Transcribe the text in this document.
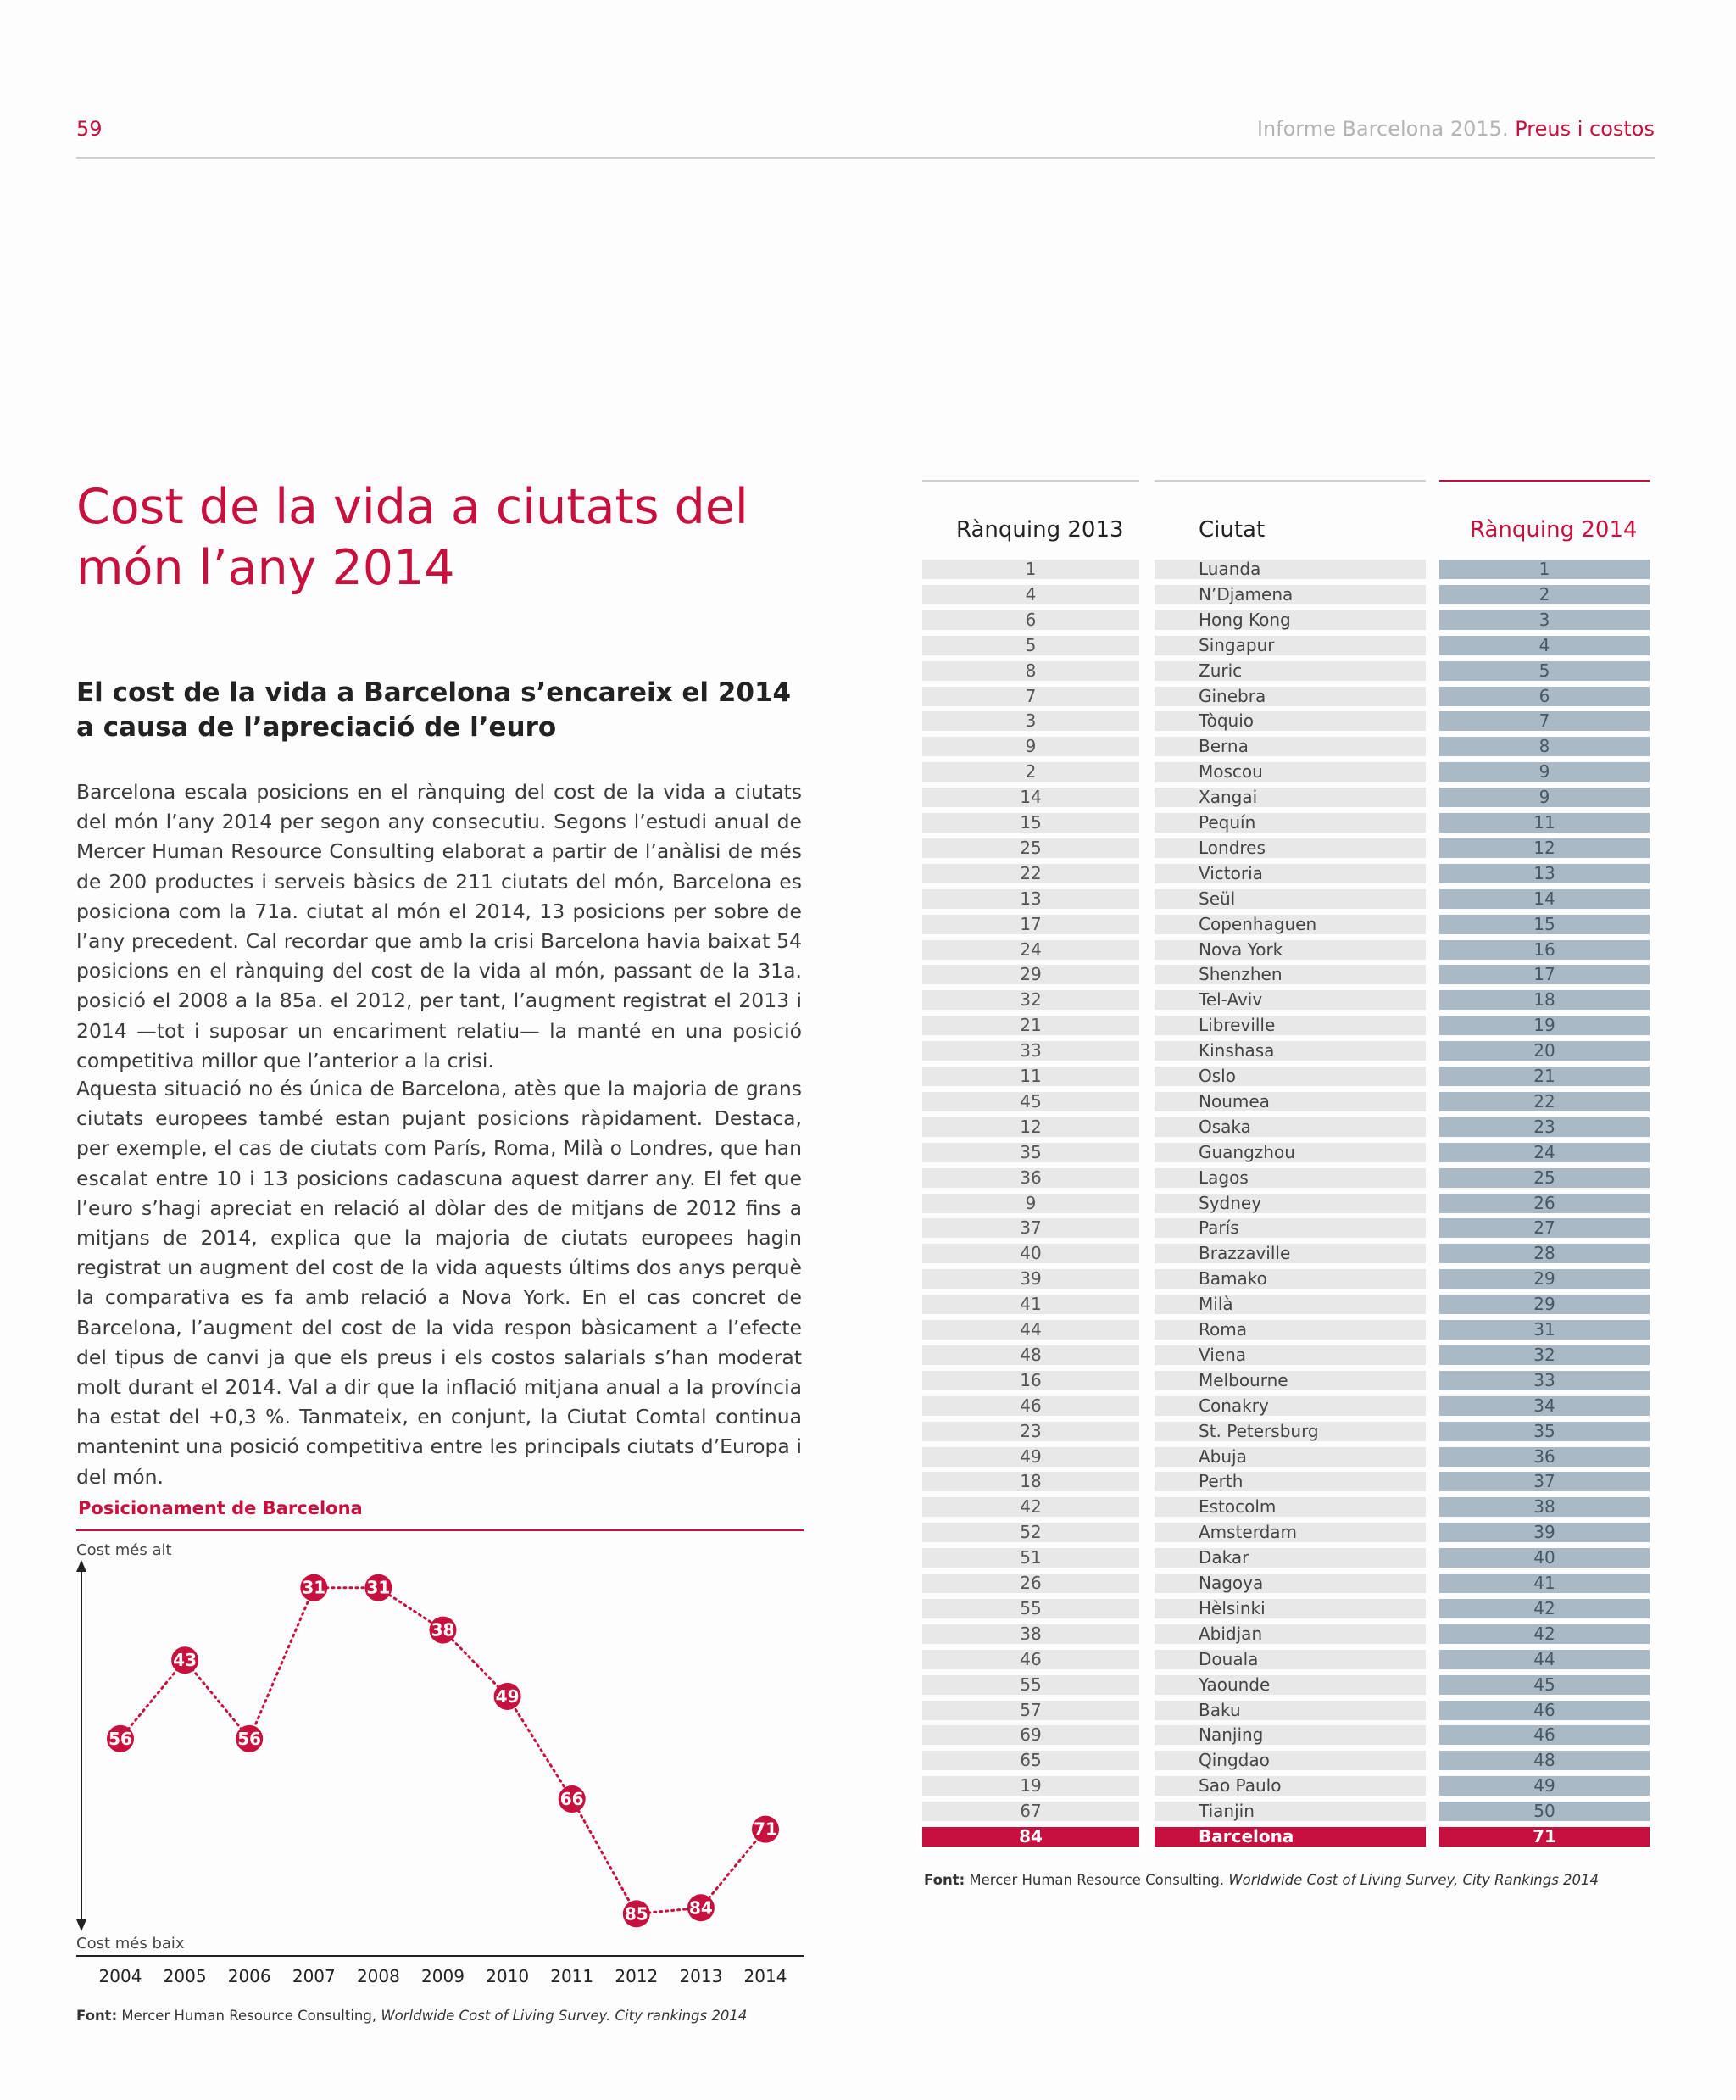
59	Informe Barcelona 2015. Preus i costos
Cost de la vida a ciutats del món l’any 2014
El cost de la vida a Barcelona s’encareix el 2014 a causa de l’apreciació de l’euro

Barcelona escala posicions en el rànquing del cost de la vida a ciutats del món l’any 2014 per segon any consecutiu. Segons l’estudi anual de Mercer Human Resource Consulting elaborat a partir de l’anàlisi de més de 200 productes i serveis bàsics de 211 ciutats del món, Barcelona es posiciona com la 71a. ciutat al món el 2014, 13 posicions per sobre de l’any precedent. Cal recordar que amb la crisi Barcelona havia baixat 54 posicions en el rànquing del cost de la vida al món, passant de la 31a. posició el 2008 a la 85a. el 2012, per tant, l’augment registrat el 2013 i 2014 —tot i suposar un encariment relatiu— la manté en una posició competitiva millor que l’anterior a la crisi.

Aquesta situació no és única de Barcelona, atès que la majoria de grans ciutats europees també estan pujant posicions ràpidament. Destaca, per exemple, el cas de ciutats com París, Roma, Milà o Londres, que han escalat entre 10 i 13 posicions cadascuna aquest darrer any. El fet que l’euro s’hagi apreciat en relació al dòlar des de mitjans de 2012 fins a mitjans de 2014, explica que la majoria de ciutats europees hagin registrat un augment del cost de la vida aquests últims dos anys perquè la comparativa es fa amb relació a Nova York. En el cas concret de Barcelona, l’augment del cost de la vida respon bàsicament a l’efecte del tipus de canvi ja que els preus i els costos salarials s’han moderat molt durant el 2014. Val a dir que la inflació mitjana anual a la província ha estat del +0,3 %. Tanmateix, en conjunt, la Ciutat Comtal continua mantenint una posició competitiva entre les principals ciutats d’Europa i del món.

Posicionament de Barcelona
Cost més alt
Cost més baix
56
43
56
31 31
38
49
66
85 84
71
2004 2005 2006 2007 2008 2009 2010 2011 2012 2013 2014
Font: Mercer Human Resource Consulting, Worldwide Cost of Living Survey. City rankings 2014
Rànquing 2013	Ciutat	Rànquing 2014
1	Luanda	1
4	N’Djamena	2
6	Hong Kong	3
5	Singapur	4
8	Zuric	5
7	Ginebra	6
3	Tòquio	7
9	Berna	8
2	Moscou	9
14	Xangai	9
15	Pequín	11
25	Londres	12
22	Victoria	13
13	Seül	14
17	Copenhaguen	15
24	Nova York	16
29	Shenzhen	17
32	Tel-Aviv	18
21	Libreville	19
33	Kinshasa	20
11	Oslo	21
45	Noumea	22
12	Osaka	23
35	Guangzhou	24
36	Lagos	25
9	Sydney	26
37	París	27
40	Brazzaville	28
39	Bamako	29
41	Milà	29
44	Roma	31
48	Viena	32
16	Melbourne	33
46	Conakry	34
23	St. Petersburg	35
49	Abuja	36
18	Perth	37
42	Estocolm	38
52	Amsterdam	39
51	Dakar	40
26	Nagoya	41
55	Hèlsinki	42
38	Abidjan	42
46	Douala	44
55	Yaounde	45
57	Baku	46
69	Nanjing	46
65	Qingdao	48
19	Sao Paulo	49
67	Tianjin	50
84	Barcelona	71
Font: Mercer Human Resource Consulting. Worldwide Cost of Living Survey, City Rankings 2014
